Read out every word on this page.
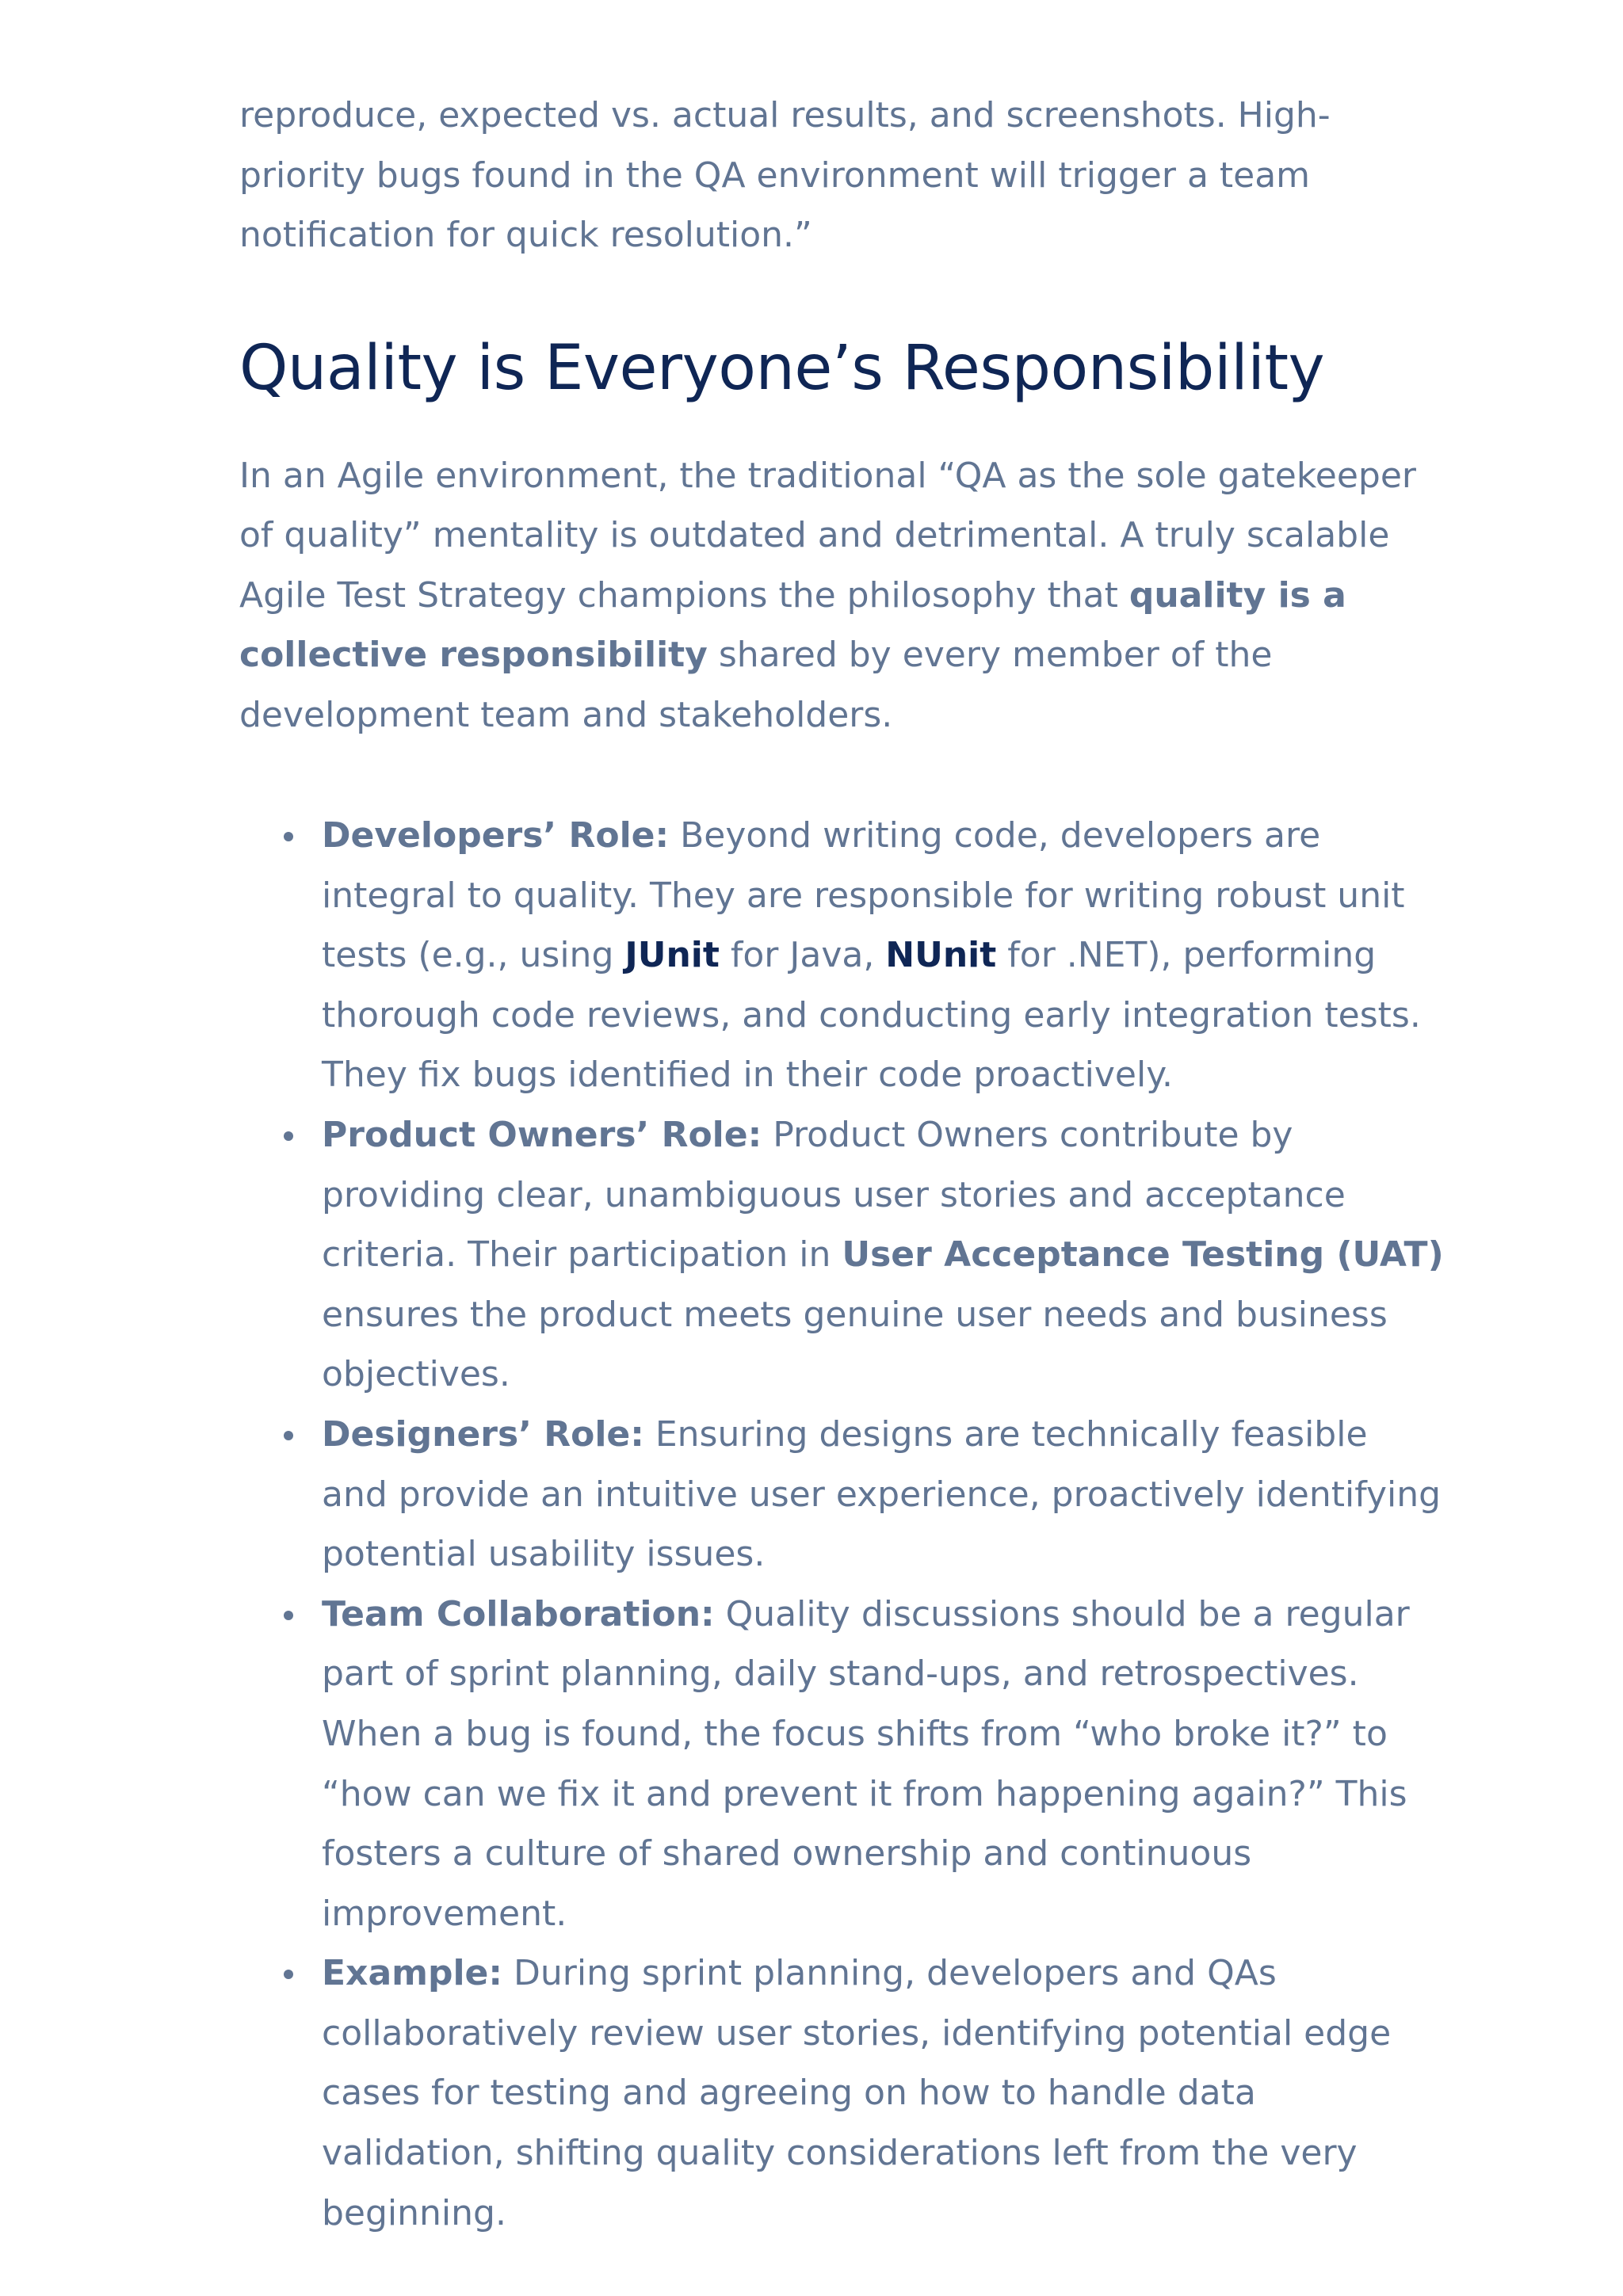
reproduce, expected vs. actual results, and screenshots. High-priority bugs found in the QA environment will trigger a team notification for quick resolution.”

Quality is Everyone’s Responsibility

In an Agile environment, the traditional “QA as the sole gatekeeper of quality” mentality is outdated and detrimental. A truly scalable Agile Test Strategy champions the philosophy that quality is a collective responsibility shared by every member of the development team and stakeholders.

Developers’ Role: Beyond writing code, developers are integral to quality. They are responsible for writing robust unit tests (e.g., using JUnit for Java, NUnit for .NET), performing thorough code reviews, and conducting early integration tests. They fix bugs identified in their code proactively.
Product Owners’ Role: Product Owners contribute by providing clear, unambiguous user stories and acceptance criteria. Their participation in User Acceptance Testing (UAT) ensures the product meets genuine user needs and business objectives.
Designers’ Role: Ensuring designs are technically feasible and provide an intuitive user experience, proactively identifying potential usability issues.
Team Collaboration: Quality discussions should be a regular part of sprint planning, daily stand-ups, and retrospectives. When a bug is found, the focus shifts from “who broke it?” to “how can we fix it and prevent it from happening again?” This fosters a culture of shared ownership and continuous improvement.
Example: During sprint planning, developers and QAs collaboratively review user stories, identifying potential edge cases for testing and agreeing on how to handle data validation, shifting quality considerations left from the very beginning.
